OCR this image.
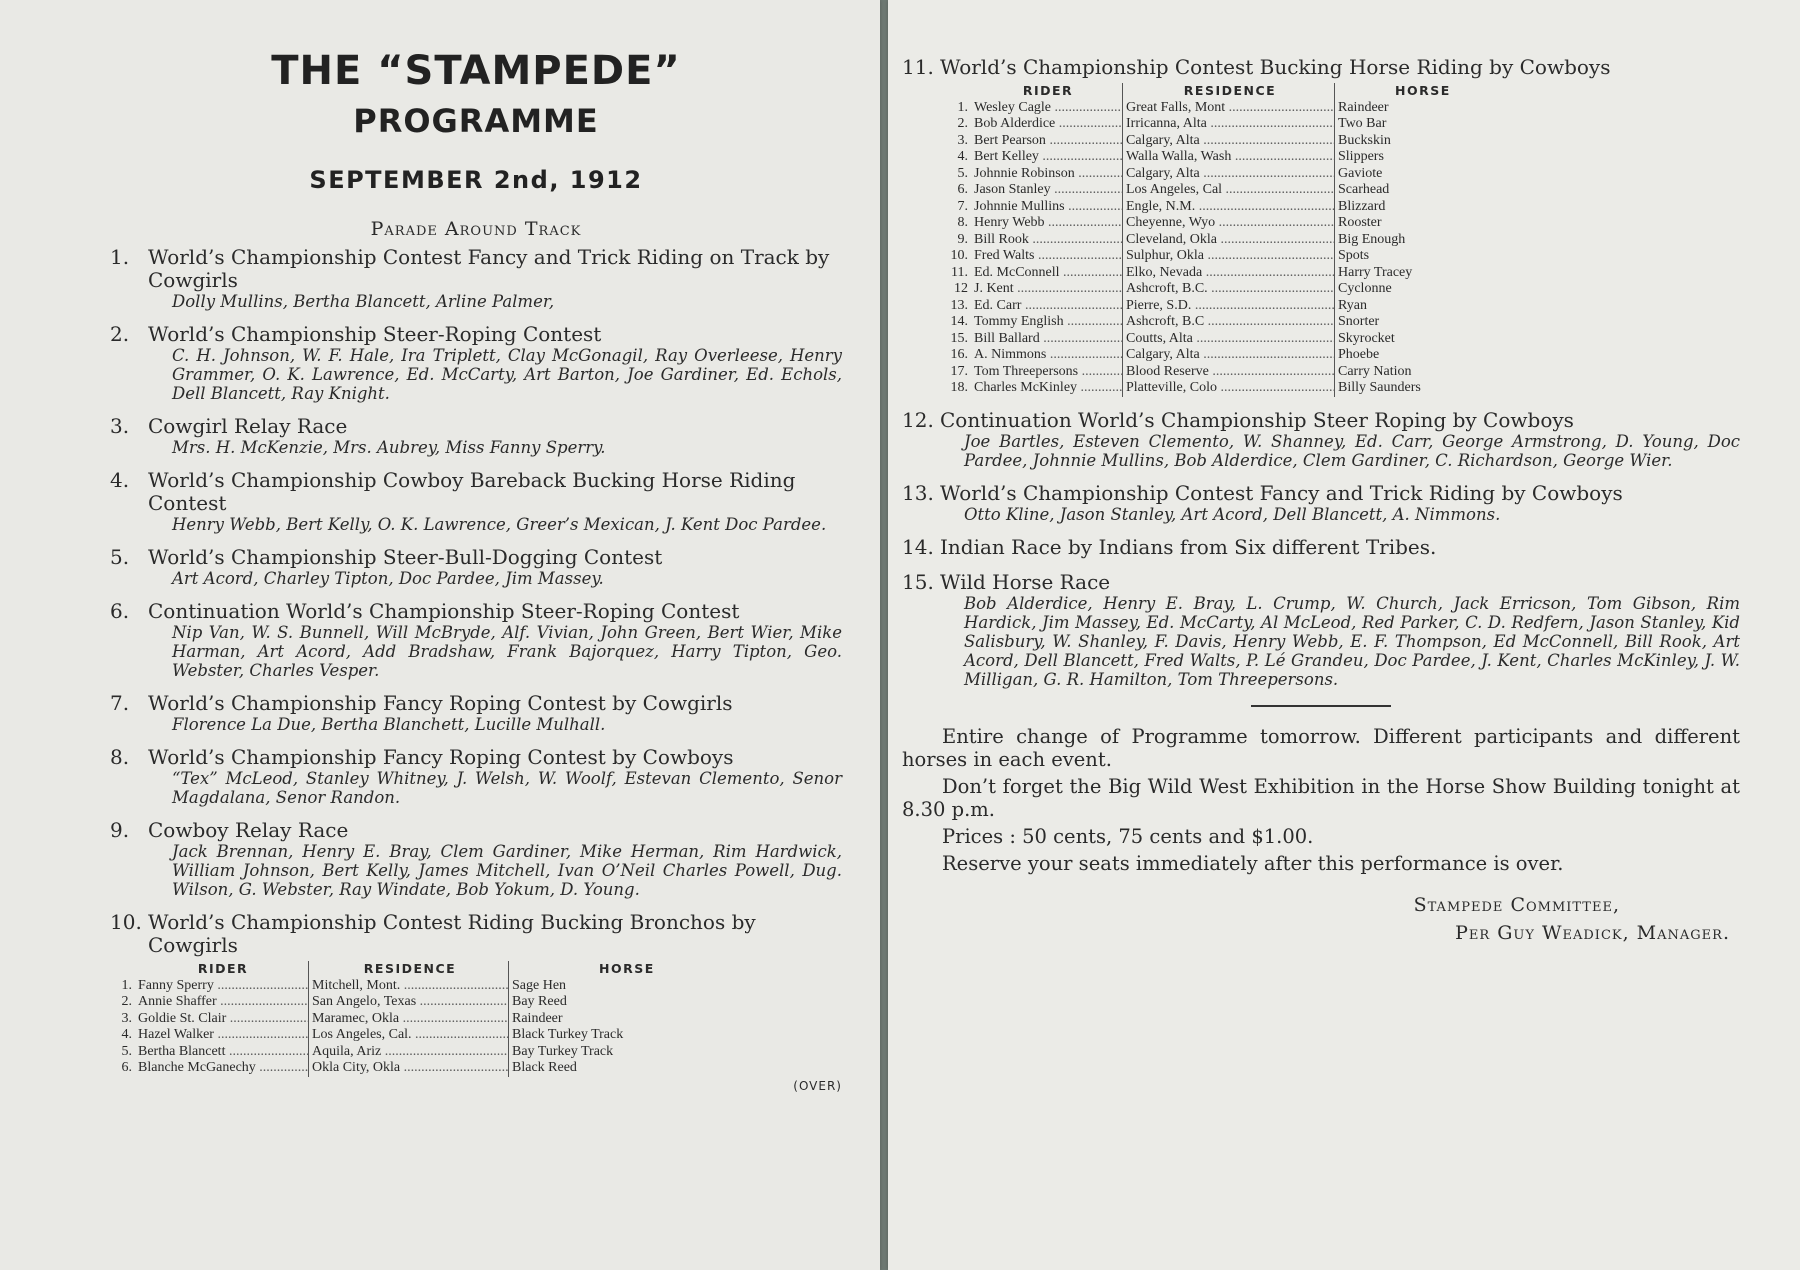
THE “STAMPEDE”
PROGRAMME
SEPTEMBER 2nd, 1912
Parade Around Track
1. World’s Championship Contest Fancy and Trick Riding on Track by Cowgirls
Dolly Mullins, Bertha Blancett, Arline Palmer,
2. World’s Championship Steer-Roping Contest
C. H. Johnson, W. F. Hale, Ira Triplett, Clay McGonagil, Ray Overleese, Henry Grammer, O. K. Lawrence, Ed. McCarty, Art Barton, Joe Gardiner, Ed. Echols, Dell Blancett, Ray Knight.
3. Cowgirl Relay Race
Mrs. H. McKenzie, Mrs. Aubrey, Miss Fanny Sperry.
4. World’s Championship Cowboy Bareback Bucking Horse Riding Contest
Henry Webb, Bert Kelly, O. K. Lawrence, Greer’s Mexican, J. Kent Doc Pardee.
5. World’s Championship Steer-Bull-Dogging Contest
Art Acord, Charley Tipton, Doc Pardee, Jim Massey.
6. Continuation World’s Championship Steer-Roping Contest
Nip Van, W. S. Bunnell, Will McBryde, Alf. Vivian, John Green, Bert Wier, Mike Harman, Art Acord, Add Bradshaw, Frank Bajorquez, Harry Tipton, Geo. Webster, Charles Vesper.
7. World’s Championship Fancy Roping Contest by Cowgirls
Florence La Due, Bertha Blanchett, Lucille Mulhall.
8. World’s Championship Fancy Roping Contest by Cowboys
“Tex” McLeod, Stanley Whitney, J. Welsh, W. Woolf, Estevan Clemento, Senor Magdalana, Senor Randon.
9. Cowboy Relay Race
Jack Brennan, Henry E. Bray, Clem Gardiner, Mike Herman, Rim Hardwick, William Johnson, Bert Kelly, James Mitchell, Ivan O’Neil Charles Powell, Dug. Wilson, G. Webster, Ray Windate, Bob Yokum, D. Young.
10. World’s Championship Contest Riding Bucking Bronchos by Cowgirls
RIDER	RESIDENCE	HORSE
1. Fanny Sperry .....	Mitchell, Mont. .....	Sage Hen
2. Annie Shaffer .....	San Angelo, Texas .....	Bay Reed
3. Goldie St. Clair .....	Maramec, Okla .....	Raindeer
4. Hazel Walker .....	Los Angeles, Cal. .....	Black Turkey Track
5. Bertha Blancett .....	Aquila, Ariz .....	Bay Turkey Track
6. Blanche McGanechy .....	Okla City, Okla .....	Black Reed
(OVER)
11. World’s Championship Contest Bucking Horse Riding by Cowboys
RIDER	RESIDENCE	HORSE
1. Wesley Cagle .....	Great Falls, Mont .....	Raindeer
2. Bob Alderdice .....	Irricanna, Alta .....	Two Bar
3. Bert Pearson .....	Calgary, Alta .....	Buckskin
4. Bert Kelley .....	Walla Walla, Wash .....	Slippers
5. Johnnie Robinson .....	Calgary, Alta .....	Gaviote
6. Jason Stanley .....	Los Angeles, Cal .....	Scarhead
7. Johnnie Mullins .....	Engle, N.M. .....	Blizzard
8. Henry Webb .....	Cheyenne, Wyo .....	Rooster
9. Bill Rook .....	Cleveland, Okla .....	Big Enough
10. Fred Walts .....	Sulphur, Okla .....	Spots
11. Ed. McConnell .....	Elko, Nevada .....	Harry Tracey
12 J. Kent .....	Ashcroft, B.C. .....	Cyclonne
13. Ed. Carr .....	Pierre, S.D. .....	Ryan
14. Tommy English .....	Ashcroft, B.C .....	Snorter
15. Bill Ballard .....	Coutts, Alta .....	Skyrocket
16. A. Nimmons .....	Calgary, Alta .....	Phoebe
17. Tom Threepersons .....	Blood Reserve .....	Carry Nation
18. Charles McKinley .....	Platteville, Colo .....	Billy Saunders
12. Continuation World’s Championship Steer Roping by Cowboys
Joe Bartles, Esteven Clemento, W. Shanney, Ed. Carr, George Armstrong, D. Young, Doc Pardee, Johnnie Mullins, Bob Alderdice, Clem Gardiner, C. Richardson, George Wier.
13. World’s Championship Contest Fancy and Trick Riding by Cowboys
Otto Kline, Jason Stanley, Art Acord, Dell Blancett, A. Nimmons.
14. Indian Race by Indians from Six different Tribes.
15. Wild Horse Race
Bob Alderdice, Henry E. Bray, L. Crump, W. Church, Jack Erricson, Tom Gibson, Rim Hardick, Jim Massey, Ed. McCarty, Al McLeod, Red Parker, C. D. Redfern, Jason Stanley, Kid Salisbury, W. Shanley, F. Davis, Henry Webb, E. F. Thompson, Ed McConnell, Bill Rook, Art Acord, Dell Blancett, Fred Walts, P. Lé Grandeu, Doc Pardee, J. Kent, Charles McKinley, J. W. Milligan, G. R. Hamilton, Tom Threepersons.

Entire change of Programme tomorrow. Different participants and different horses in each event.

Don’t forget the Big Wild West Exhibition in the Horse Show Building tonight at 8.30 p.m.

Prices : 50 cents, 75 cents and $1.00.

Reserve your seats immediately after this performance is over.

Stampede Committee,
Per Guy Weadick, Manager.
